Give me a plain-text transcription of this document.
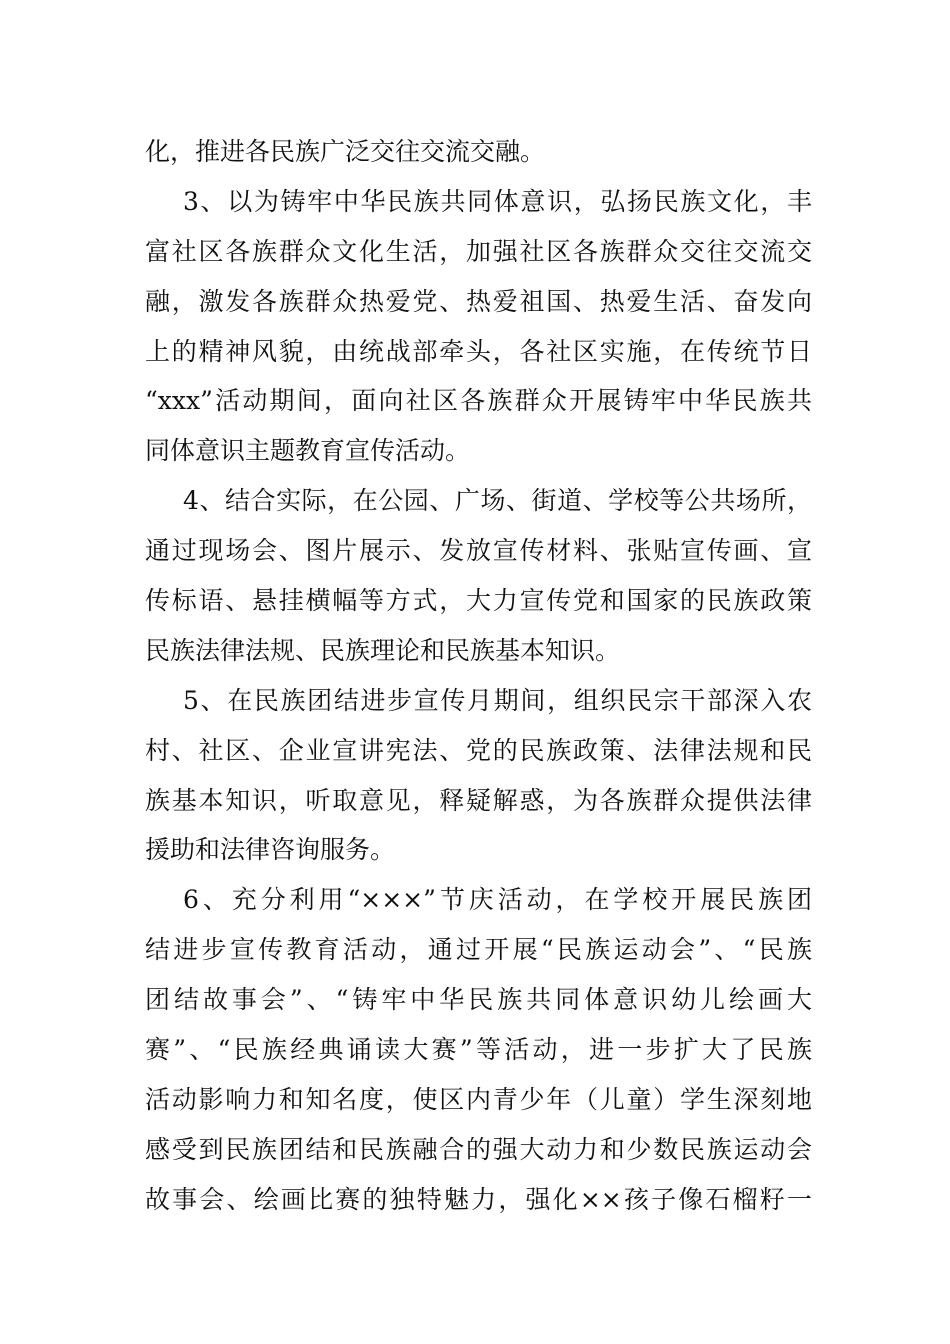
化，推进各民族广泛交往交流交融。
3、以为铸牢中华民族共同体意识，弘扬民族文化，丰
富社区各族群众文化生活，加强社区各族群众交往交流交
融，激发各族群众热爱党、热爱祖国、热爱生活、奋发向
上的精神风貌，由统战部牵头，各社区实施，在传统节日
“xxx”活动期间，面向社区各族群众开展铸牢中华民族共
同体意识主题教育宣传活动。
4、结合实际，在公园、广场、街道、学校等公共场所，
通过现场会、图片展示、发放宣传材料、张贴宣传画、宣
传标语、悬挂横幅等方式，大力宣传党和国家的民族政策
民族法律法规、民族理论和民族基本知识。
5、在民族团结进步宣传月期间，组织民宗干部深入农
村、社区、企业宣讲宪法、党的民族政策、法律法规和民
族基本知识，听取意见，释疑解惑，为各族群众提供法律
援助和法律咨询服务。
6、充分利用“×××”节庆活动，在学校开展民族团
结进步宣传教育活动，通过开展“民族运动会”、“民族
团结故事会”、“铸牢中华民族共同体意识幼儿绘画大
赛”、“民族经典诵读大赛”等活动，进一步扩大了民族
活动影响力和知名度，使区内青少年（儿童）学生深刻地
感受到民族团结和民族融合的强大动力和少数民族运动会
故事会、绘画比赛的独特魅力，强化××孩子像石榴籽一
